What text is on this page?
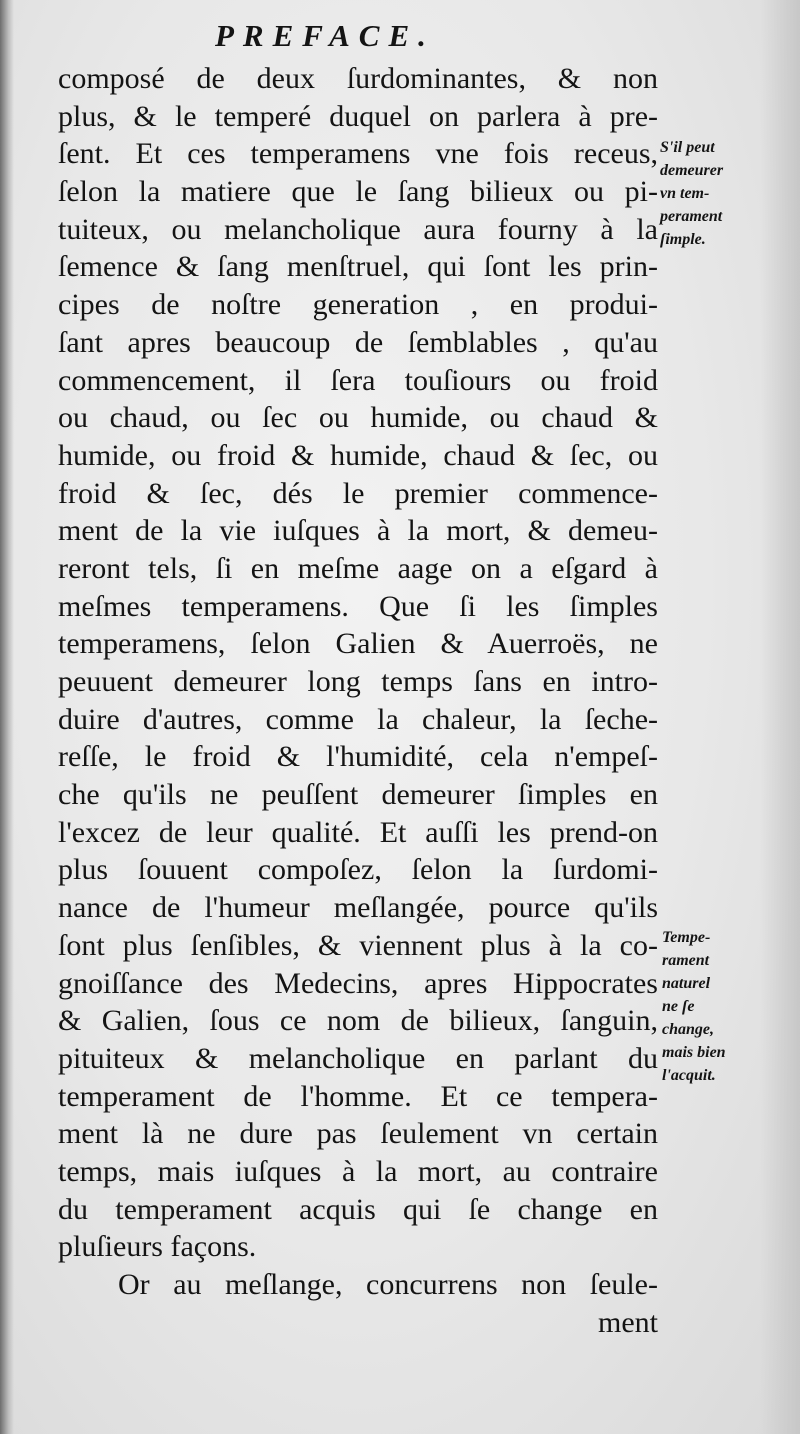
PREFACE.
composé de deux ſurdominantes, & non
plus, & le temperé duquel on parlera à pre-
ſent. Et ces temperamens vne fois receus,
ſelon la matiere que le ſang bilieux ou pi-
tuiteux, ou melancholique aura fourny à la
ſemence & ſang menſtruel, qui ſont les prin-
cipes de noſtre generation , en produi-
ſant apres beaucoup de ſemblables , qu'au
commencement, il ſera touſiours ou froid
ou chaud, ou ſec ou humide, ou chaud &
humide, ou froid & humide, chaud & ſec, ou
froid & ſec, dés le premier commence-
ment de la vie iuſques à la mort, & demeu-
reront tels, ſi en meſme aage on a eſgard à
meſmes temperamens. Que ſi les ſimples
temperamens, ſelon Galien & Auerroës, ne
peuuent demeurer long temps ſans en intro-
duire d'autres, comme la chaleur, la ſeche-
reſſe, le froid & l'humidité, cela n'empeſ-
che qu'ils ne peuſſent demeurer ſimples en
l'excez de leur qualité. Et auſſi les prend-on
plus ſouuent compoſez, ſelon la ſurdomi-
nance de l'humeur meſlangée, pource qu'ils
ſont plus ſenſibles, & viennent plus à la co-
gnoiſſance des Medecins, apres Hippocrates
& Galien, ſous ce nom de bilieux, ſanguin,
pituiteux & melancholique en parlant du
temperament de l'homme. Et ce tempera-
ment là ne dure pas ſeulement vn certain
temps, mais iuſques à la mort, au contraire
du temperament acquis qui ſe change en
pluſieurs façons.
Or au meſlange, concurrens non ſeule-
ment
S'il peut
demeurer
vn tem-
perament
ſimple.
Tempe-
rament
naturel
ne ſe
change,
mais bien
l'acquit.
